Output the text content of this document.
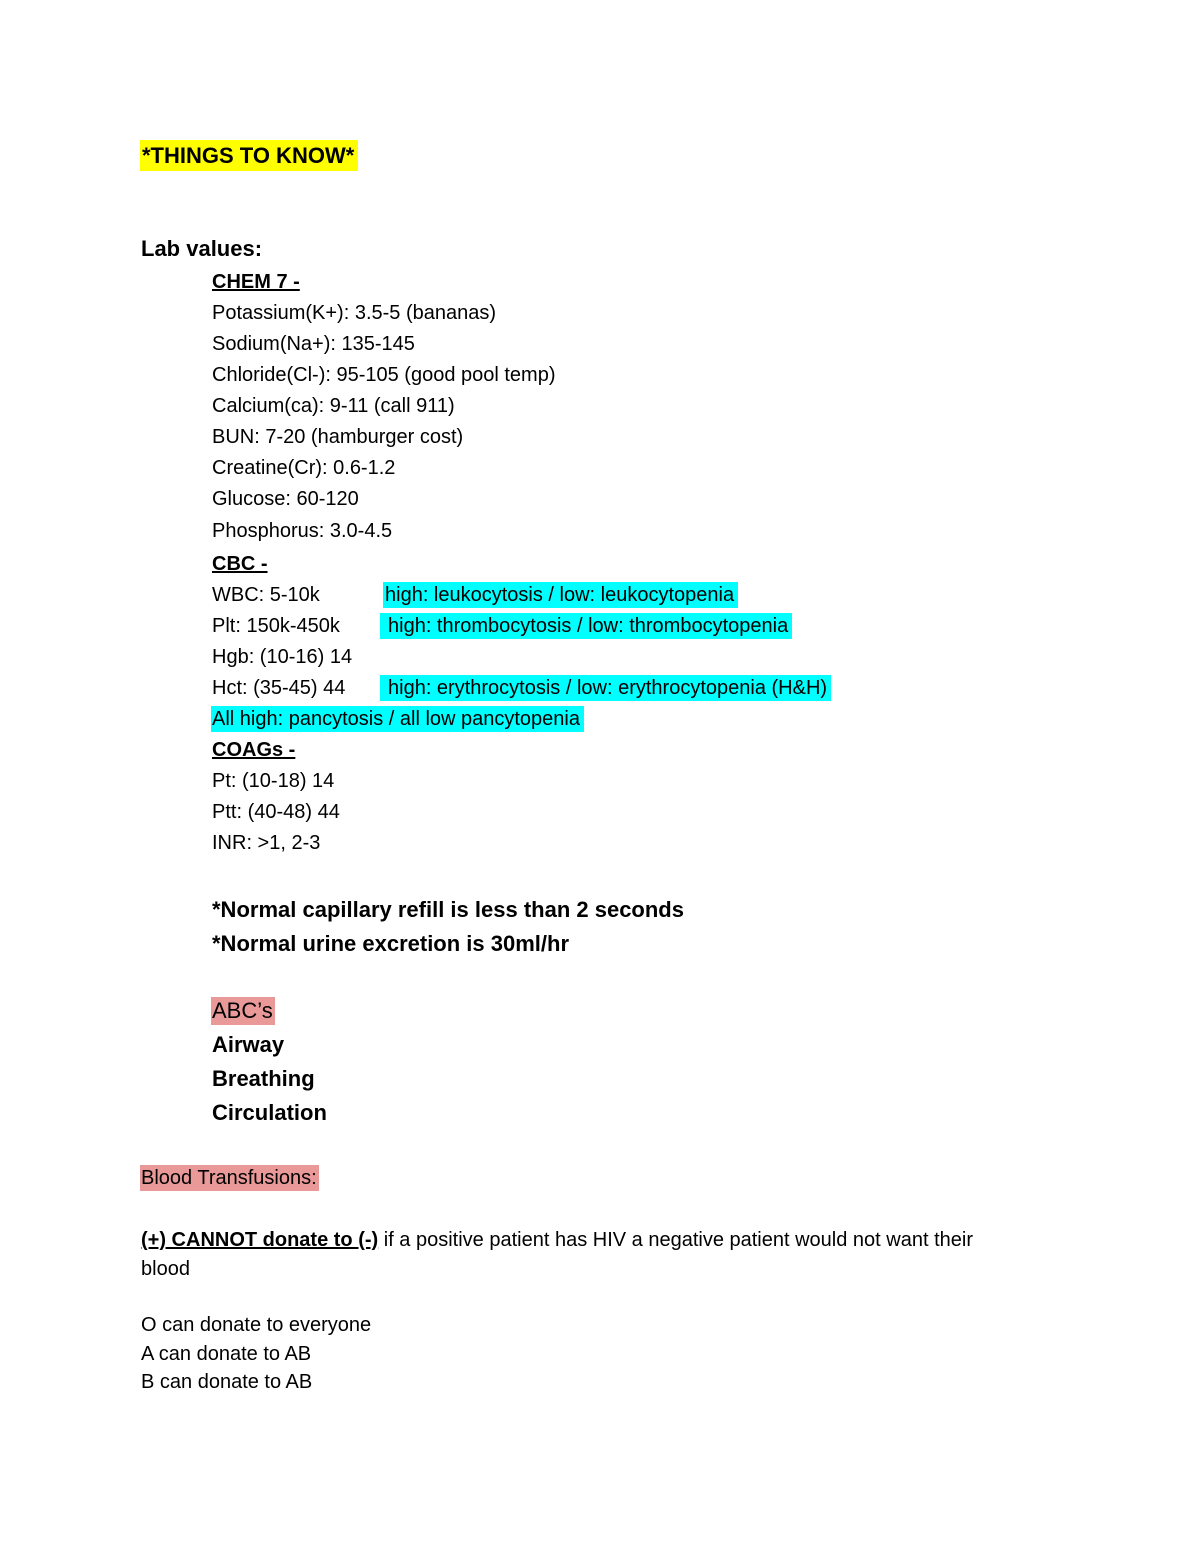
*THINGS TO KNOW*
Lab values:
CHEM 7 -
Potassium(K+): 3.5-5 (bananas)
Sodium(Na+): 135-145
Chloride(Cl-): 95-105 (good pool temp)
Calcium(ca): 9-11 (call 911)
BUN: 7-20 (hamburger cost)
Creatine(Cr): 0.6-1.2
Glucose: 60-120
Phosphorus: 3.0-4.5
CBC -
WBC: 5-10k	high: leukocytosis / low: leukocytopenia
Plt: 150k-450k	high: thrombocytosis / low: thrombocytopenia
Hgb: (10-16) 14
Hct: (35-45) 44	high: erythrocytosis / low: erythrocytopenia (H&H)
All high: pancytosis / all low pancytopenia
COAGs -
Pt: (10-18) 14
Ptt: (40-48) 44
INR: >1, 2-3
*Normal capillary refill is less than 2 seconds
*Normal urine excretion is 30ml/hr
ABC’s
Airway
Breathing
Circulation
Blood Transfusions:
(+) CANNOT donate to (-) if a positive patient has HIV a negative patient would not want their
blood
O can donate to everyone
A can donate to AB
B can donate to AB
